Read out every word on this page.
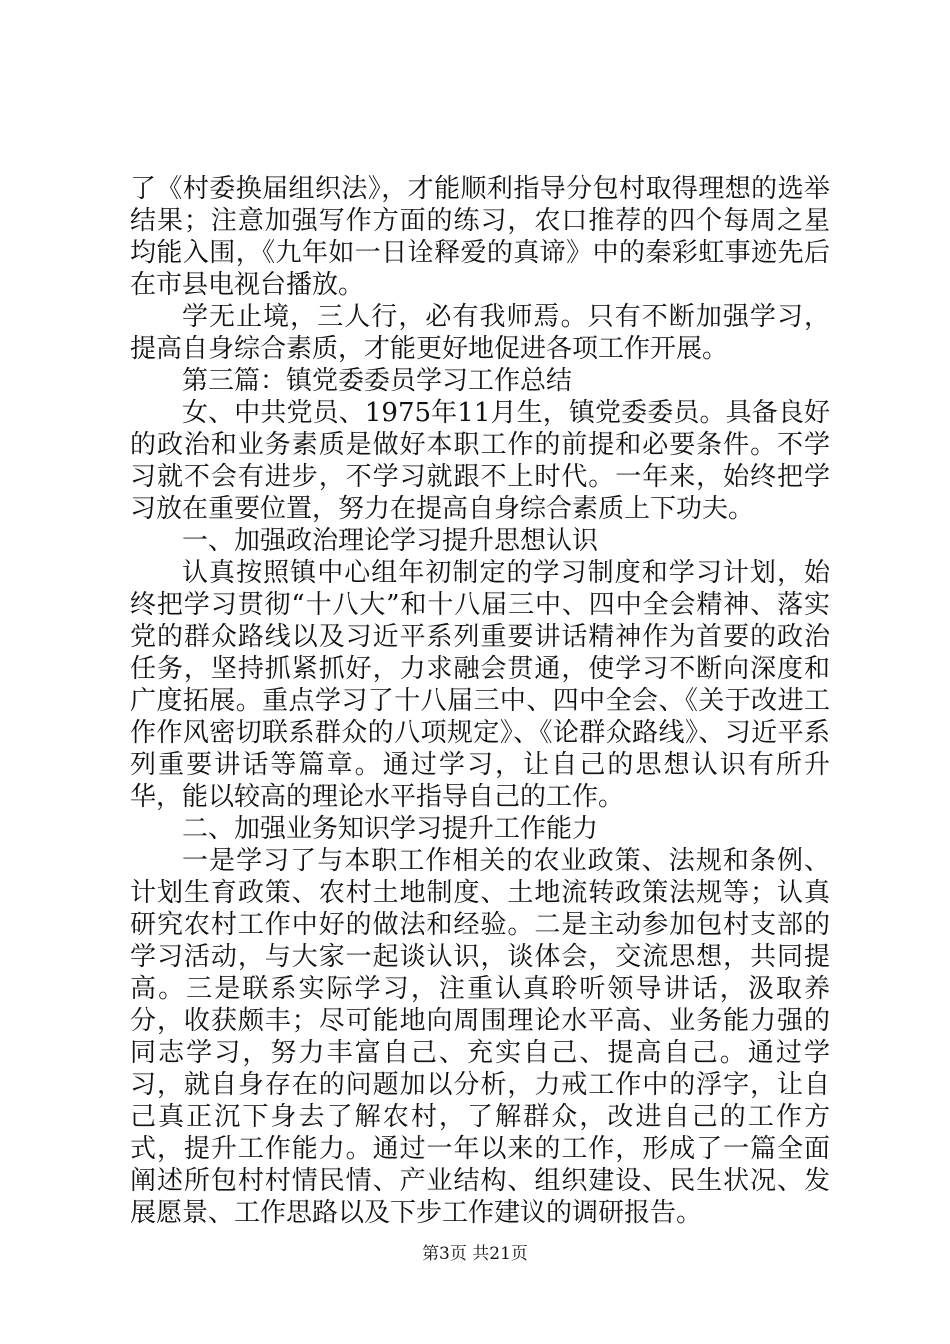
了《村委换届组织法》，才能顺利指导分包村取得理想的选举结果；注意加强写作方面的练习，农口推荐的四个每周之星均能入围，《九年如一日诠释爱的真谛》中的秦彩虹事迹先后在市县电视台播放。

学无止境，三人行，必有我师焉。只有不断加强学习，提高自身综合素质，才能更好地促进各项工作开展。

第三篇：镇党委委员学习工作总结

女、中共党员、1975年11月生，镇党委委员。具备良好的政治和业务素质是做好本职工作的前提和必要条件。不学习就不会有进步，不学习就跟不上时代。一年来，始终把学习放在重要位置，努力在提高自身综合素质上下功夫。

一、加强政治理论学习提升思想认识

认真按照镇中心组年初制定的学习制度和学习计划，始终把学习贯彻“十八大”和十八届三中、四中全会精神、落实党的群众路线以及习近平系列重要讲话精神作为首要的政治任务，坚持抓紧抓好，力求融会贯通，使学习不断向深度和广度拓展。重点学习了十八届三中、四中全会、《关于改进工作作风密切联系群众的八项规定》、《论群众路线》、习近平系列重要讲话等篇章。通过学习，让自己的思想认识有所升华，能以较高的理论水平指导自己的工作。

二、加强业务知识学习提升工作能力

一是学习了与本职工作相关的农业政策、法规和条例、计划生育政策、农村土地制度、土地流转政策法规等；认真研究农村工作中好的做法和经验。二是主动参加包村支部的学习活动，与大家一起谈认识，谈体会，交流思想，共同提高。三是联系实际学习，注重认真聆听领导讲话，汲取养分，收获颇丰；尽可能地向周围理论水平高、业务能力强的同志学习，努力丰富自己、充实自己、提高自己。通过学习，就自身存在的问题加以分析，力戒工作中的浮字，让自己真正沉下身去了解农村，了解群众，改进自己的工作方式，提升工作能力。通过一年以来的工作，形成了一篇全面阐述所包村村情民情、产业结构、组织建设、民生状况、发展愿景、工作思路以及下步工作建议的调研报告。

第3页 共21页
